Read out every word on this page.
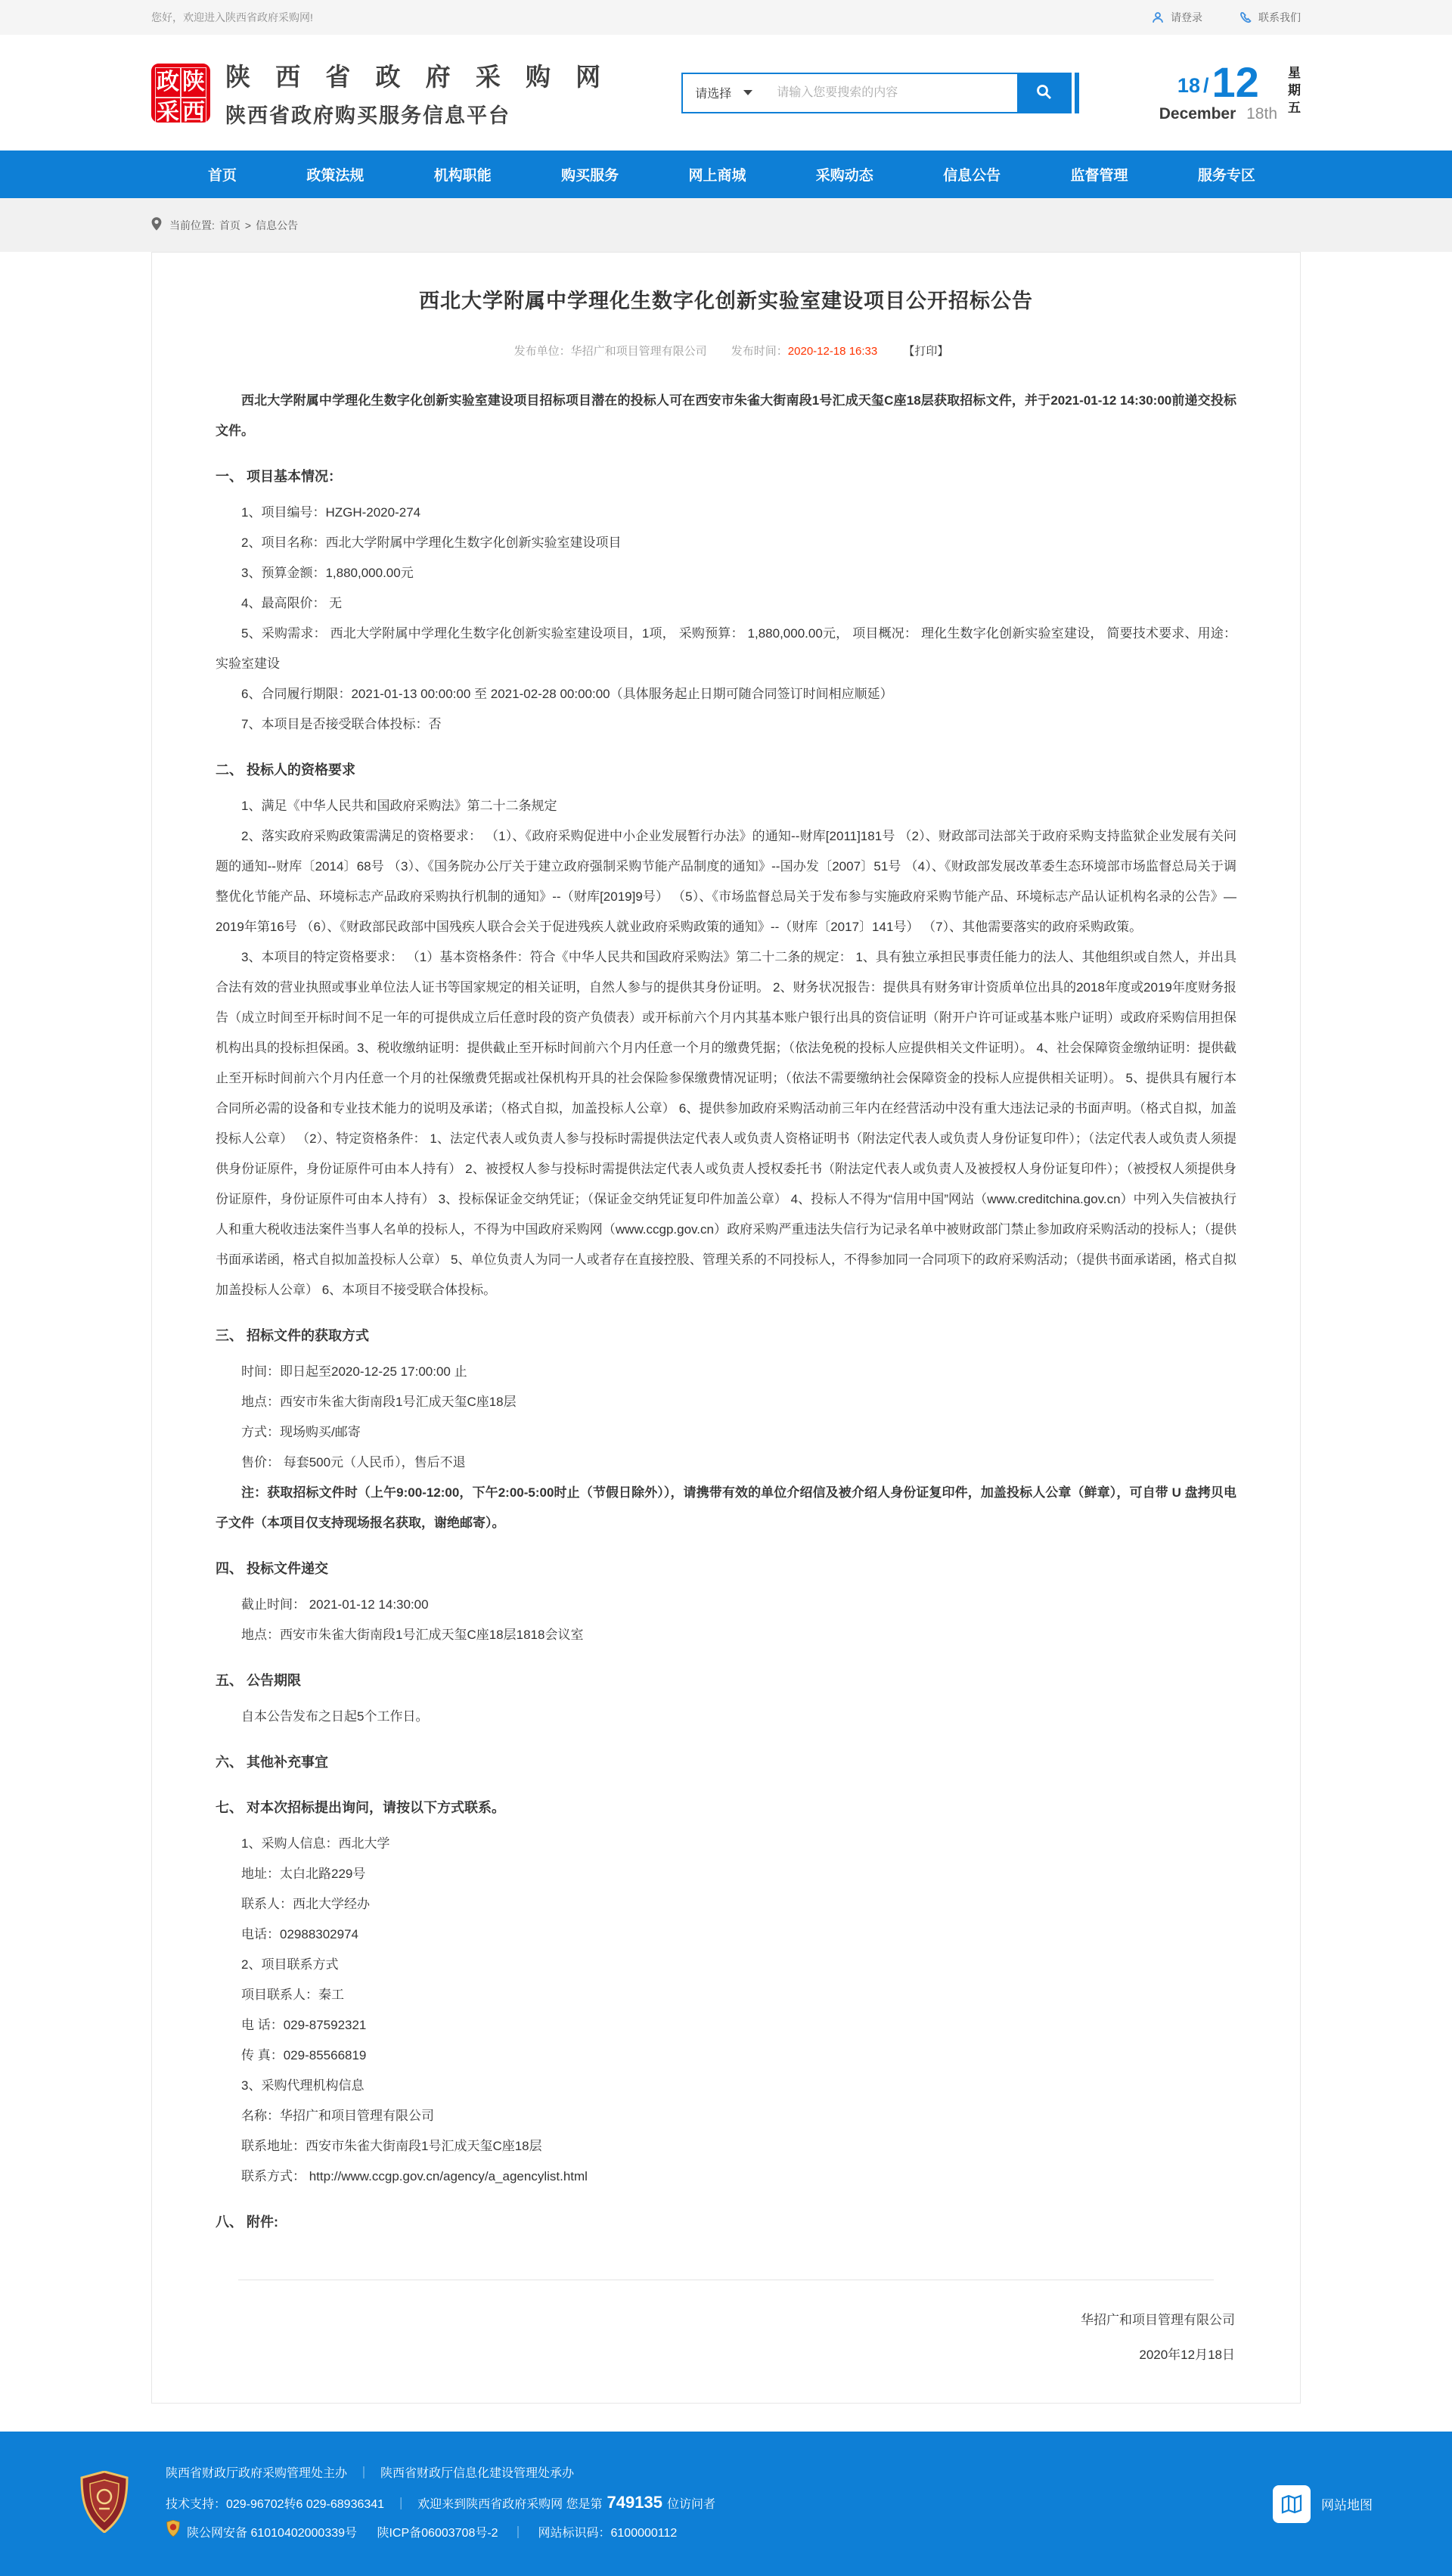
您好，欢迎进入陕西省政府采购网!	请登录	联系我们
政 陕
采 西
陕 西 省 政 府 采 购 网
陕西省政府购买服务信息平台
请选择
请输入您要搜索的内容	18 / 12
December 18th
星
期
五
首页	政策法规	机构职能	购买服务	网上商城	采购动态	信息公告	监督管理	服务专区
当前位置: 首页 > 信息公告
西北大学附属中学理化生数字化创新实验室建设项目公开招标公告
发布单位：华招广和项目管理有限公司 发布时间：2020-12-18 16:33 【打印】
西北大学附属中学理化生数字化创新实验室建设项目招标项目潜在的投标人可在西安市朱雀大街南段1号汇成天玺C座18层获取招标文件，并于2021-01-12 14:30:00前递交投标文件。
一、 项目基本情况：
1、项目编号：HZGH-2020-274
2、项目名称：西北大学附属中学理化生数字化创新实验室建设项目
3、预算金额：1,880,000.00元
4、最高限价： 无
5、采购需求： 西北大学附属中学理化生数字化创新实验室建设项目，1项， 采购预算： 1,880,000.00元， 项目概况： 理化生数字化创新实验室建设， 简要技术要求、用途：实验室建设
6、合同履行期限：2021-01-13 00:00:00 至 2021-02-28 00:00:00（具体服务起止日期可随合同签订时间相应顺延）
7、本项目是否接受联合体投标：否
二、 投标人的资格要求
1、满足《中华人民共和国政府采购法》第二十二条规定
2、落实政府采购政策需满足的资格要求： （1）、《政府采购促进中小企业发展暂行办法》的通知--财库[2011]181号 （2）、财政部司法部关于政府采购支持监狱企业发展有关问题的通知--财库〔2014〕68号 （3）、《国务院办公厅关于建立政府强制采购节能产品制度的通知》--国办发〔2007〕51号 （4）、《财政部发展改革委生态环境部市场监督总局关于调整优化节能产品、环境标志产品政府采购执行机制的通知》--（财库[2019]9号） （5）、《市场监督总局关于发布参与实施政府采购节能产品、环境标志产品认证机构名录的公告》—2019年第16号 （6）、《财政部民政部中国残疾人联合会关于促进残疾人就业政府采购政策的通知》--（财库〔2017〕141号） （7）、其他需要落实的政府采购政策。
3、本项目的特定资格要求： （1）基本资格条件：符合《中华人民共和国政府采购法》第二十二条的规定： 1、具有独立承担民事责任能力的法人、其他组织或自然人，并出具合法有效的营业执照或事业单位法人证书等国家规定的相关证明，自然人参与的提供其身份证明。 2、财务状况报告：提供具有财务审计资质单位出具的2018年度或2019年度财务报告（成立时间至开标时间不足一年的可提供成立后任意时段的资产负债表）或开标前六个月内其基本账户银行出具的资信证明（附开户许可证或基本账户证明）或政府采购信用担保机构出具的投标担保函。3、税收缴纳证明：提供截止至开标时间前六个月内任意一个月的缴费凭据；（依法免税的投标人应提供相关文件证明）。 4、社会保障资金缴纳证明：提供截止至开标时间前六个月内任意一个月的社保缴费凭据或社保机构开具的社会保险参保缴费情况证明；（依法不需要缴纳社会保障资金的投标人应提供相关证明）。 5、提供具有履行本合同所必需的设备和专业技术能力的说明及承诺；（格式自拟，加盖投标人公章） 6、提供参加政府采购活动前三年内在经营活动中没有重大违法记录的书面声明。（格式自拟，加盖投标人公章） （2）、特定资格条件： 1、法定代表人或负责人参与投标时需提供法定代表人或负责人资格证明书（附法定代表人或负责人身份证复印件）；（法定代表人或负责人须提供身份证原件，身份证原件可由本人持有） 2、被授权人参与投标时需提供法定代表人或负责人授权委托书（附法定代表人或负责人及被授权人身份证复印件）；（被授权人须提供身份证原件，身份证原件可由本人持有） 3、投标保证金交纳凭证；（保证金交纳凭证复印件加盖公章） 4、投标人不得为“信用中国”网站（www.creditchina.gov.cn）中列入失信被执行人和重大税收违法案件当事人名单的投标人，不得为中国政府采购网（www.ccgp.gov.cn）政府采购严重违法失信行为记录名单中被财政部门禁止参加政府采购活动的投标人；（提供书面承诺函，格式自拟加盖投标人公章） 5、单位负责人为同一人或者存在直接控股、管理关系的不同投标人，不得参加同一合同项下的政府采购活动；（提供书面承诺函，格式自拟加盖投标人公章） 6、本项目不接受联合体投标。
三、 招标文件的获取方式
时间：即日起至2020-12-25 17:00:00 止
地点：西安市朱雀大街南段1号汇成天玺C座18层
方式：现场购买/邮寄
售价： 每套500元（人民币），售后不退
注：获取招标文件时（上午9:00-12:00，下午2:00-5:00时止（节假日除外）），请携带有效的单位介绍信及被介绍人身份证复印件，加盖投标人公章（鲜章），可自带 U 盘拷贝电子文件（本项目仅支持现场报名获取，谢绝邮寄）。
四、 投标文件递交
截止时间： 2021-01-12 14:30:00
地点：西安市朱雀大街南段1号汇成天玺C座18层1818会议室
五、 公告期限
自本公告发布之日起5个工作日。
六、 其他补充事宜
七、 对本次招标提出询问，请按以下方式联系。
1、采购人信息：西北大学
地址：太白北路229号
联系人：西北大学经办
电话：02988302974
2、项目联系方式
项目联系人：秦工
电 话：029-87592321
传 真：029-85566819
3、采购代理机构信息
名称：华招广和项目管理有限公司
联系地址：西安市朱雀大街南段1号汇成天玺C座18层
联系方式： http://www.ccgp.gov.cn/agency/a_agencylist.html
八、 附件:
华招广和项目管理有限公司
2020年12月18日
陕西省财政厅政府采购管理处主办 ｜ 陕西省财政厅信息化建设管理处承办
技术支持：029-96702转6 029-68936341 ｜ 欢迎来到陕西省政府采购网 您是第 749135 位访问者
陕公网安备 61010402000339号 陕ICP备06003708号-2 ｜ 网站标识码：6100000112
网站地图
